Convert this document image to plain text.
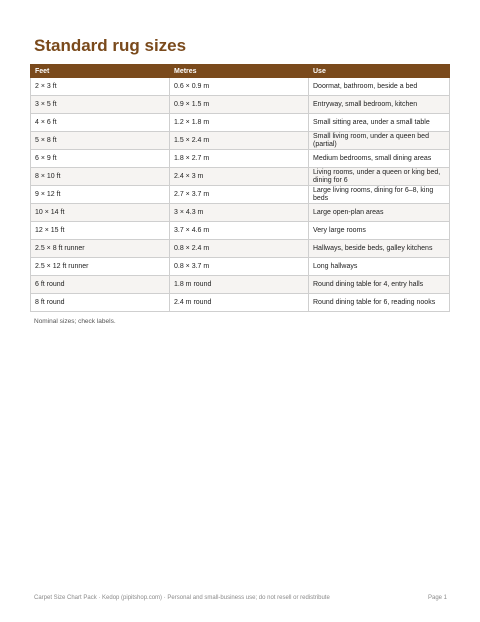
Standard rug sizes
Feet	Metres	Use
2 × 3 ft	0.6 × 0.9 m	Doormat, bathroom, beside a bed
3 × 5 ft	0.9 × 1.5 m	Entryway, small bedroom, kitchen
4 × 6 ft	1.2 × 1.8 m	Small sitting area, under a small table
5 × 8 ft	1.5 × 2.4 m	Small living room, under a queen bed (partial)
6 × 9 ft	1.8 × 2.7 m	Medium bedrooms, small dining areas
8 × 10 ft	2.4 × 3 m	Living rooms, under a queen or king bed, dining for 6
9 × 12 ft	2.7 × 3.7 m	Large living rooms, dining for 6–8, king beds
10 × 14 ft	3 × 4.3 m	Large open-plan areas
12 × 15 ft	3.7 × 4.6 m	Very large rooms
2.5 × 8 ft runner	0.8 × 2.4 m	Hallways, beside beds, galley kitchens
2.5 × 12 ft runner	0.8 × 3.7 m	Long hallways
6 ft round	1.8 m round	Round dining table for 4, entry halls
8 ft round	2.4 m round	Round dining table for 6, reading nooks
Nominal sizes; check labels.
Carpet Size Chart Pack · Kedop (pipitshop.com) · Personal and small-business use; do not resell or redistribute	Page 1
